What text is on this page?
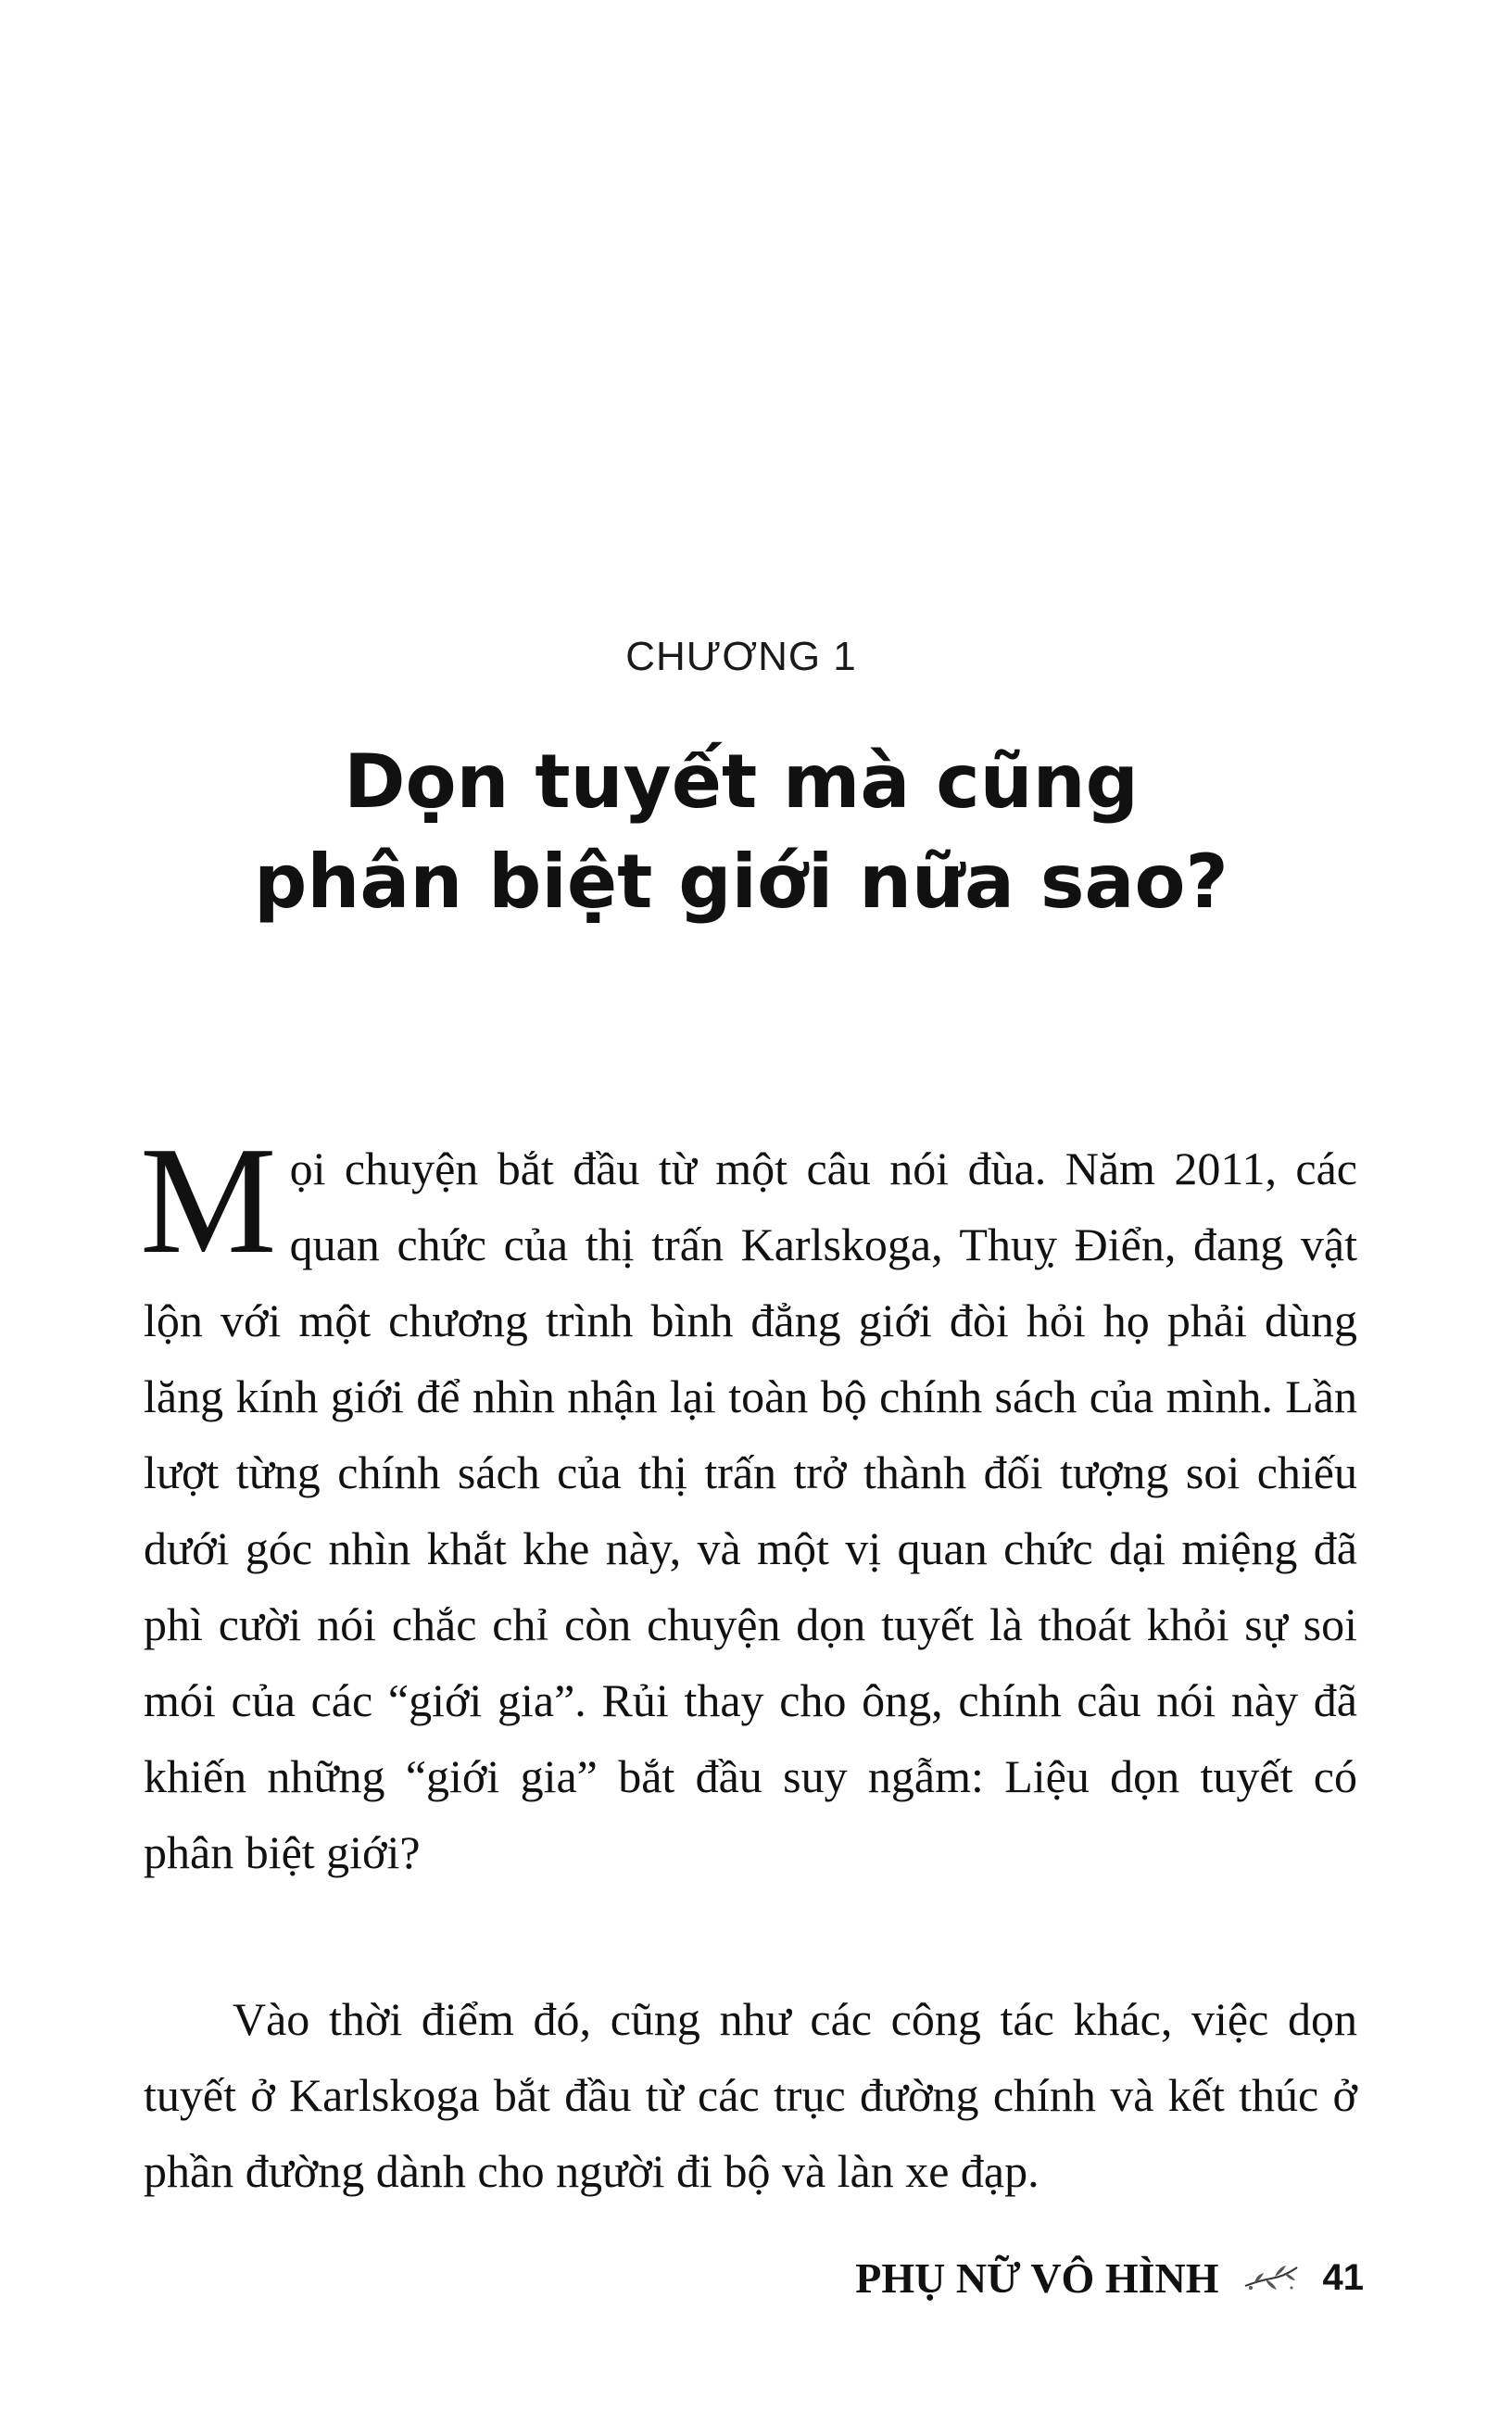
CHƯƠNG 1
Dọn tuyết mà cũng
phân biệt giới nữa sao?

Mọi chuyện bắt đầu từ một câu nói đùa. Năm 2011, các quan chức của thị trấn Karlskoga, Thuỵ Điển, đang vật lộn với một chương trình bình đẳng giới đòi hỏi họ phải dùng lăng kính giới để nhìn nhận lại toàn bộ chính sách của mình. Lần lượt từng chính sách của thị trấn trở thành đối tượng soi chiếu dưới góc nhìn khắt khe này, và một vị quan chức dại miệng đã phì cười nói chắc chỉ còn chuyện dọn tuyết là thoát khỏi sự soi mói của các “giới gia”. Rủi thay cho ông, chính câu nói này đã khiến những “giới gia” bắt đầu suy ngẫm: Liệu dọn tuyết có phân biệt giới?

Vào thời điểm đó, cũng như các công tác khác, việc dọn tuyết ở Karlskoga bắt đầu từ các trục đường chính và kết thúc ở phần đường dành cho người đi bộ và làn xe đạp.

PHỤ NỮ VÔ HÌNH	41
